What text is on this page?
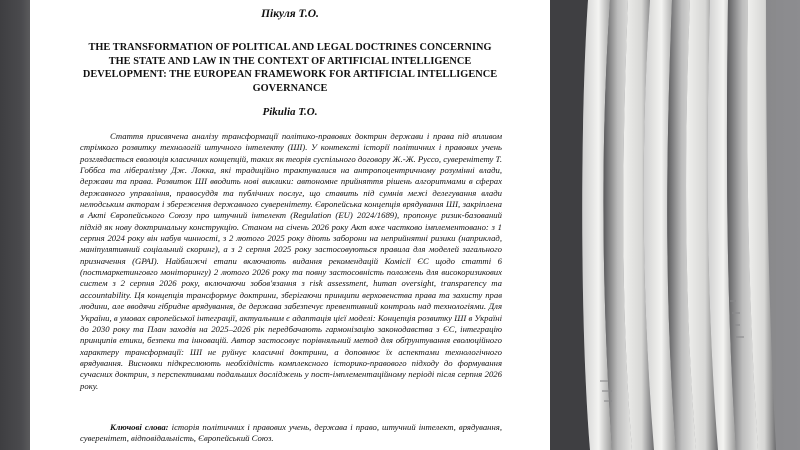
Пікуля Т.О.
THE TRANSFORMATION OF POLITICAL AND LEGAL DOCTRINES CONCERNING THE STATE AND LAW IN THE CONTEXT OF ARTIFICIAL INTELLIGENCE DEVELOPMENT: THE EUROPEAN FRAMEWORK FOR ARTIFICIAL INTELLIGENCE GOVERNANCE
Pikulia T.O.

Стаття присвячена аналізу трансформації політико-правових доктрин держави і права під впливом стрімкого розвитку технологій штучного інтелекту (ШІ). У контексті історії політичних і правових учень розглядається еволюція класичних концепцій, таких як теорія суспільного договору Ж.-Ж. Руссо, суверенітету Т. Гоббса та лібералізму Дж. Локка, які традиційно трактувалися на антропоцентричному розумінні влади, держави та права. Розвиток ШІ вводить нові виклики: автономне прийняття рішень алгоритмами в сферах державного управління, правосуддя та публічних послуг, що ставить під сумнів межі делегування влади нелюдським акторам і збереження державного суверенітету. Європейська концепція врядування ШІ, закріплена в Акті Європейського Союзу про штучний інтелект (Regulation (EU) 2024/1689), пропонує ризик-базований підхід як нову доктринальну конструкцію. Станом на січень 2026 року Акт вже частково імплементовано: з 1 серпня 2024 року він набув чинності, з 2 лютого 2025 року діють заборони на неприйнятні ризики (наприклад, маніпулятивний соціальний скоринг), а з 2 серпня 2025 року застосовуються правила для моделей загального призначення (GPAI). Найближчі етапи включають видання рекомендацій Комісії ЄС щодо статті 6 (постмаркетинговго моніторингу) 2 лютого 2026 року та повну застосовність положень для високоризикових систем з 2 серпня 2026 року, включаючи зобов'язання з risk assessment, human oversight, transparency та accountability. Ця концепція трансформує доктрини, зберігаючи принципи верховенства права та захисту прав людини, але вводячи гібридне врядування, де держава забезпечує превентивний контроль над технологіями. Для України, в умовах європейської інтеграції, актуальним є адаптація цієї моделі: Концепція розвитку ШІ в Україні до 2030 року та План заходів на 2025–2026 рік передбачають гармонізацію законодавства з ЄС, інтеграцію принципів етики, безпеки та інновацій. Автор застосовує порівняльний метод для обґрунтування еволюційного характеру трансформації: ШІ не руйнує класичні доктрини, а доповнює їх аспектами технологічного врядування. Висновки підкреслюють необхідність комплексного історико-правового підходу до формування сучасних доктрин, з перспективами подальших досліджень у пост-імплементаційному періоді після серпня 2026 року.

Ключові слова: історія політичних і правових учень, держава і право, штучний інтелект, врядування, суверенітет, відповідальність, Європейський Союз.
